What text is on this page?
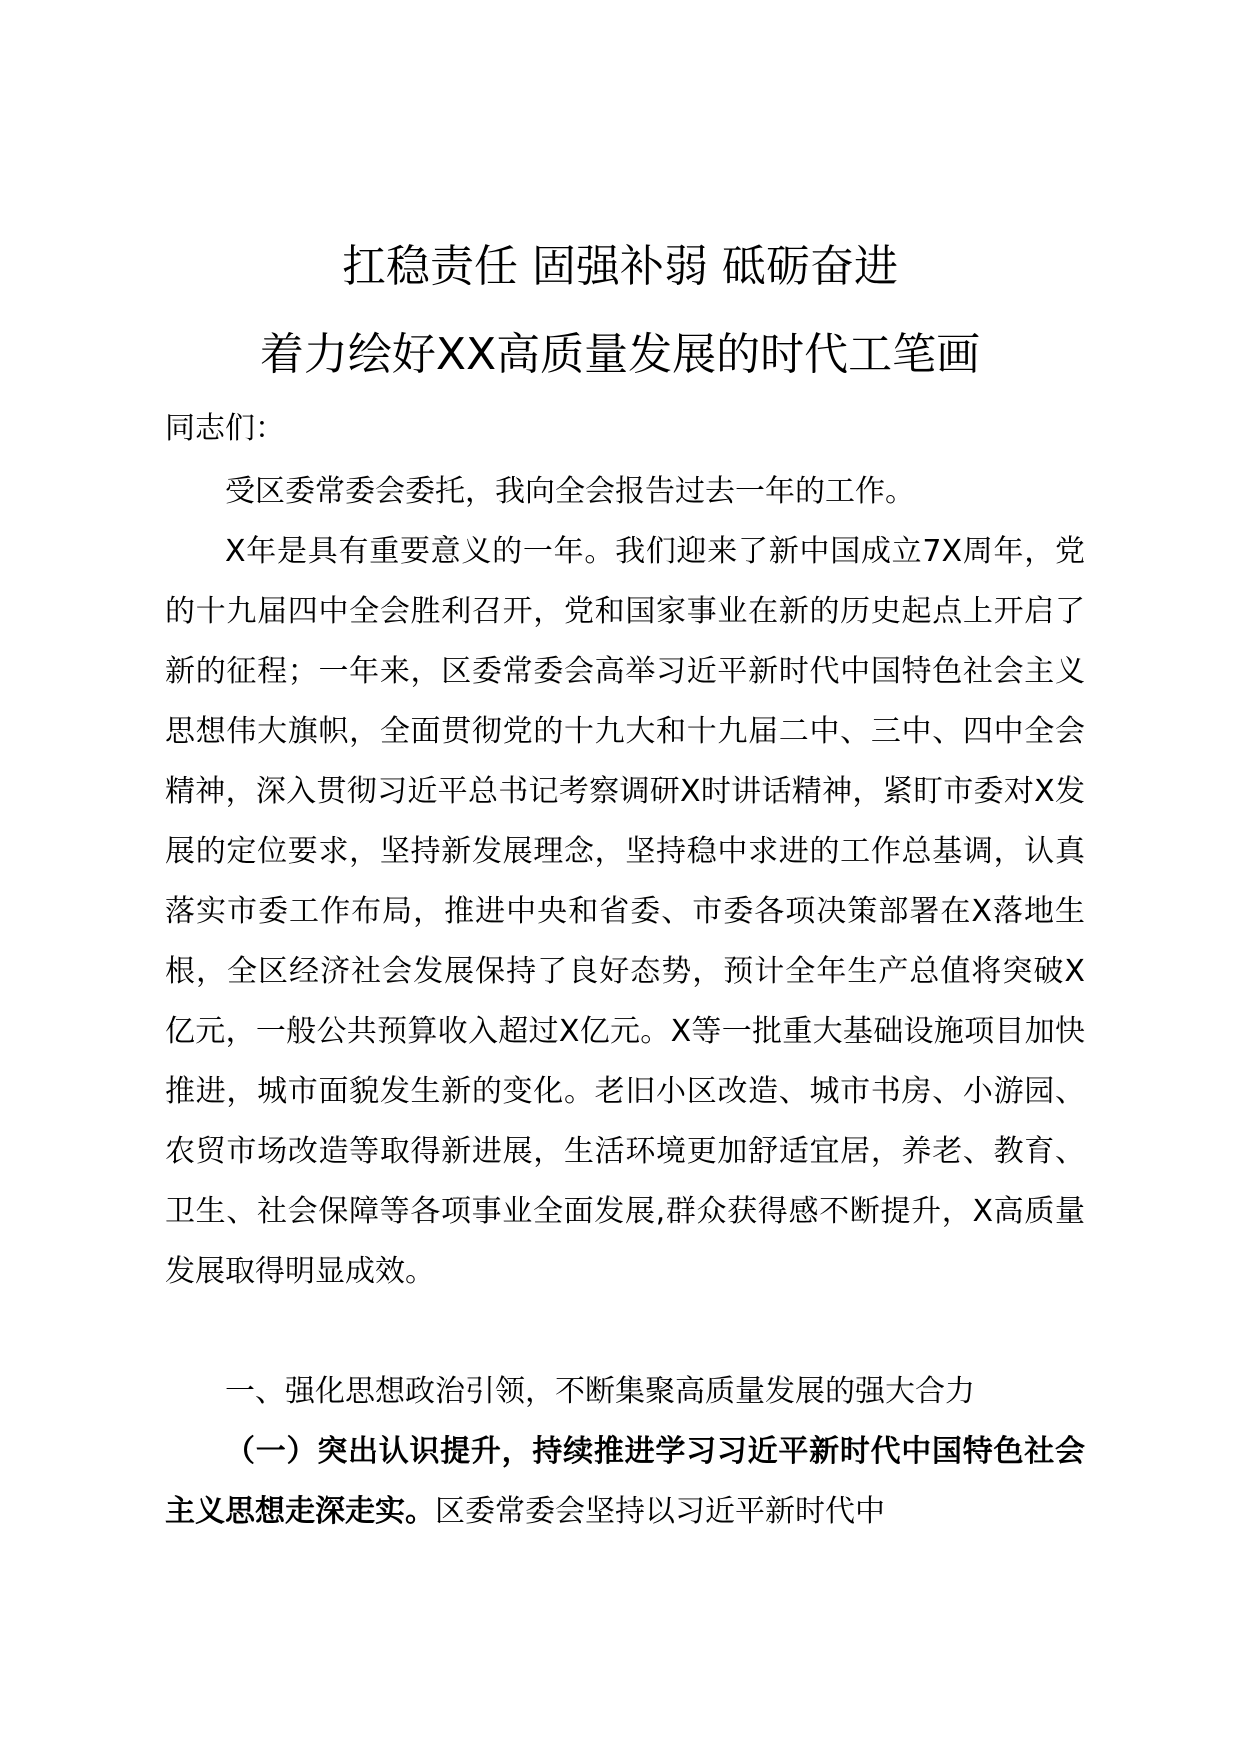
扛稳责任 固强补弱 砥砺奋进
着力绘好XX高质量发展的时代工笔画
同志们：

受区委常委会委托，我向全会报告过去一年的工作。

X年是具有重要意义的一年。我们迎来了新中国成立7X周年，党的十九届四中全会胜利召开，党和国家事业在新的历史起点上开启了新的征程；一年来，区委常委会高举习近平新时代中国特色社会主义思想伟大旗帜，全面贯彻党的十九大和十九届二中、三中、四中全会精神，深入贯彻习近平总书记考察调研X时讲话精神，紧盯市委对X发展的定位要求，坚持新发展理念，坚持稳中求进的工作总基调，认真落实市委工作布局，推进中央和省委、市委各项决策部署在X落地生根，全区经济社会发展保持了良好态势，预计全年生产总值将突破X亿元，一般公共预算收入超过X亿元。X等一批重大基础设施项目加快推进，城市面貌发生新的变化。老旧小区改造、城市书房、小游园、农贸市场改造等取得新进展，生活环境更加舒适宜居，养老、教育、卫生、社会保障等各项事业全面发展,群众获得感不断提升，X高质量发展取得明显成效。

一、强化思想政治引领，不断集聚高质量发展的强大合力

（一）突出认识提升，持续推进学习习近平新时代中国特色社会主义思想走深走实。区委常委会坚持以习近平新时代中
